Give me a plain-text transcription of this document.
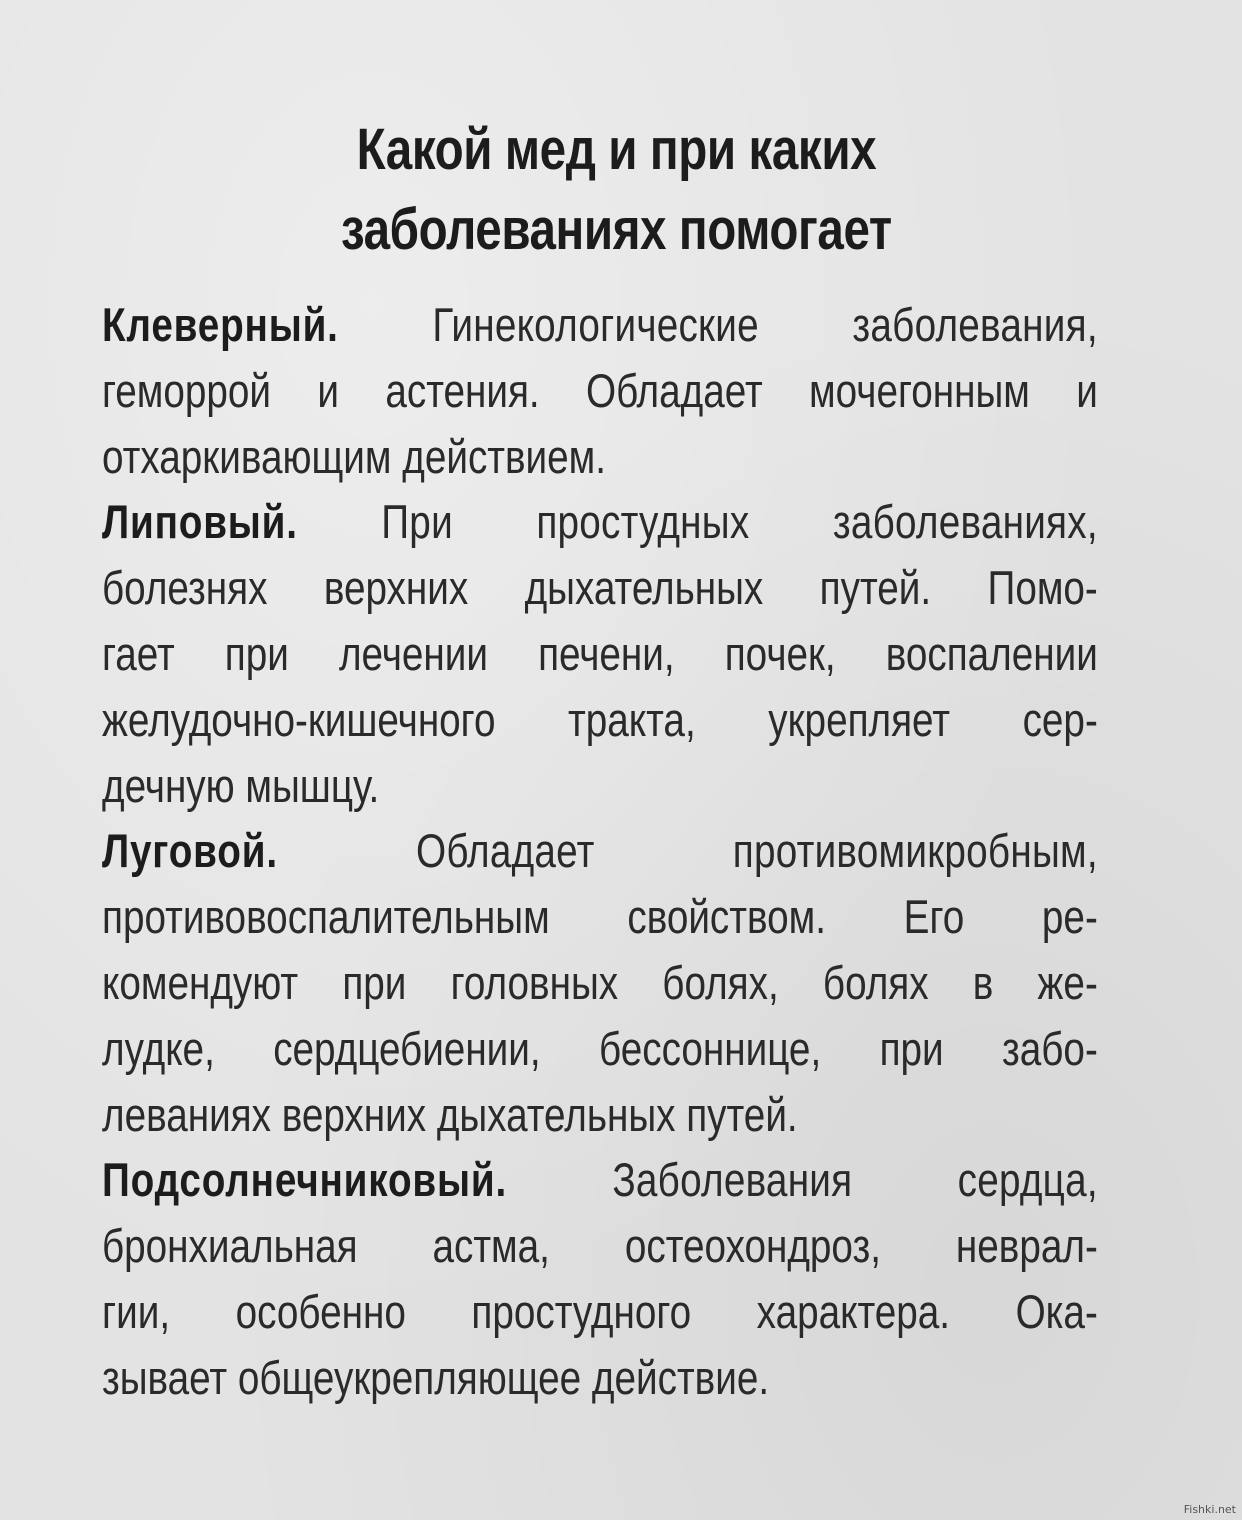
Какой мед и при каких
заболеваниях помогает

Клеверный. Гинекологические заболевания,
геморрой и астения. Обладает мочегонным и
отхаркивающим действием.

Липовый. При простудных заболеваниях,
болезнях верхних дыхательных путей. Помо-
гает при лечении печени, почек, воспалении
желудочно-кишечного тракта, укрепляет сер-
дечную мышцу.

Луговой. Обладает противомикробным,
противовоспалительным свойством. Его ре-
комендуют при головных болях, болях в же-
лудке, сердцебиении, бессоннице, при забо-
леваниях верхних дыхательных путей.

Подсолнечниковый. Заболевания сердца,
бронхиальная астма, остеохондроз, неврал-
гии, особенно простудного характера. Ока-
зывает общеукрепляющее действие.

Fishki.net
